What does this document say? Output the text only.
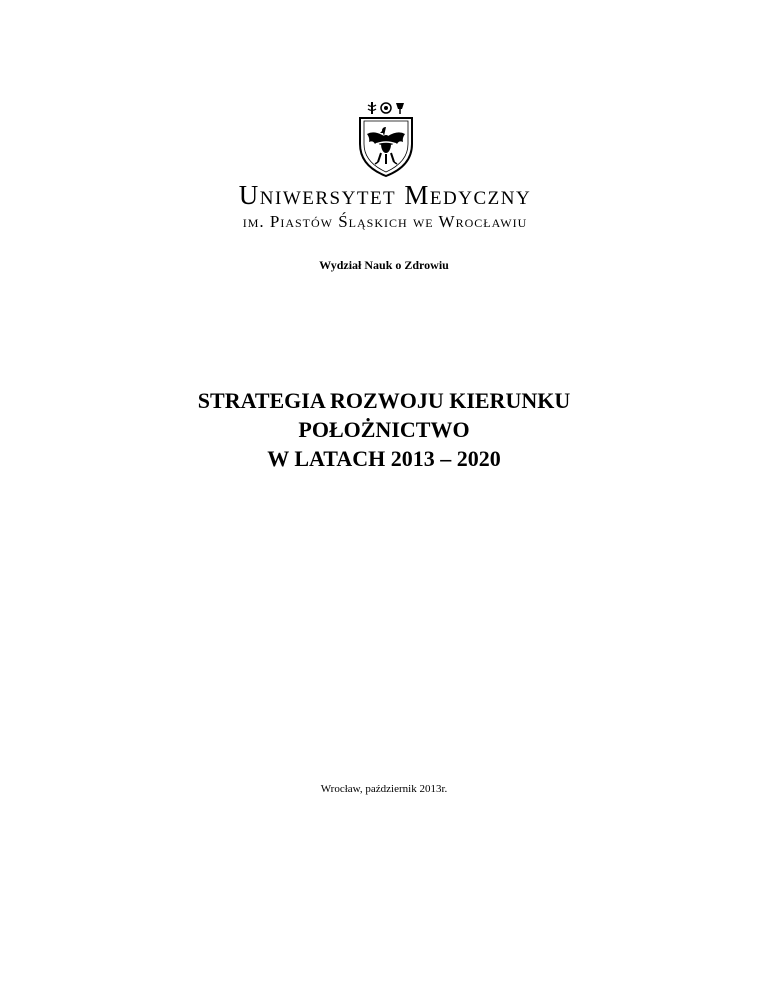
Uniwersytet Medyczny
im. Piastów Śląskich we Wrocławiu
Wydział Nauk o Zdrowiu
STRATEGIA ROZWOJU KIERUNKU
POŁOŻNICTWO
W LATACH 2013 – 2020
Wrocław, październik 2013r.
